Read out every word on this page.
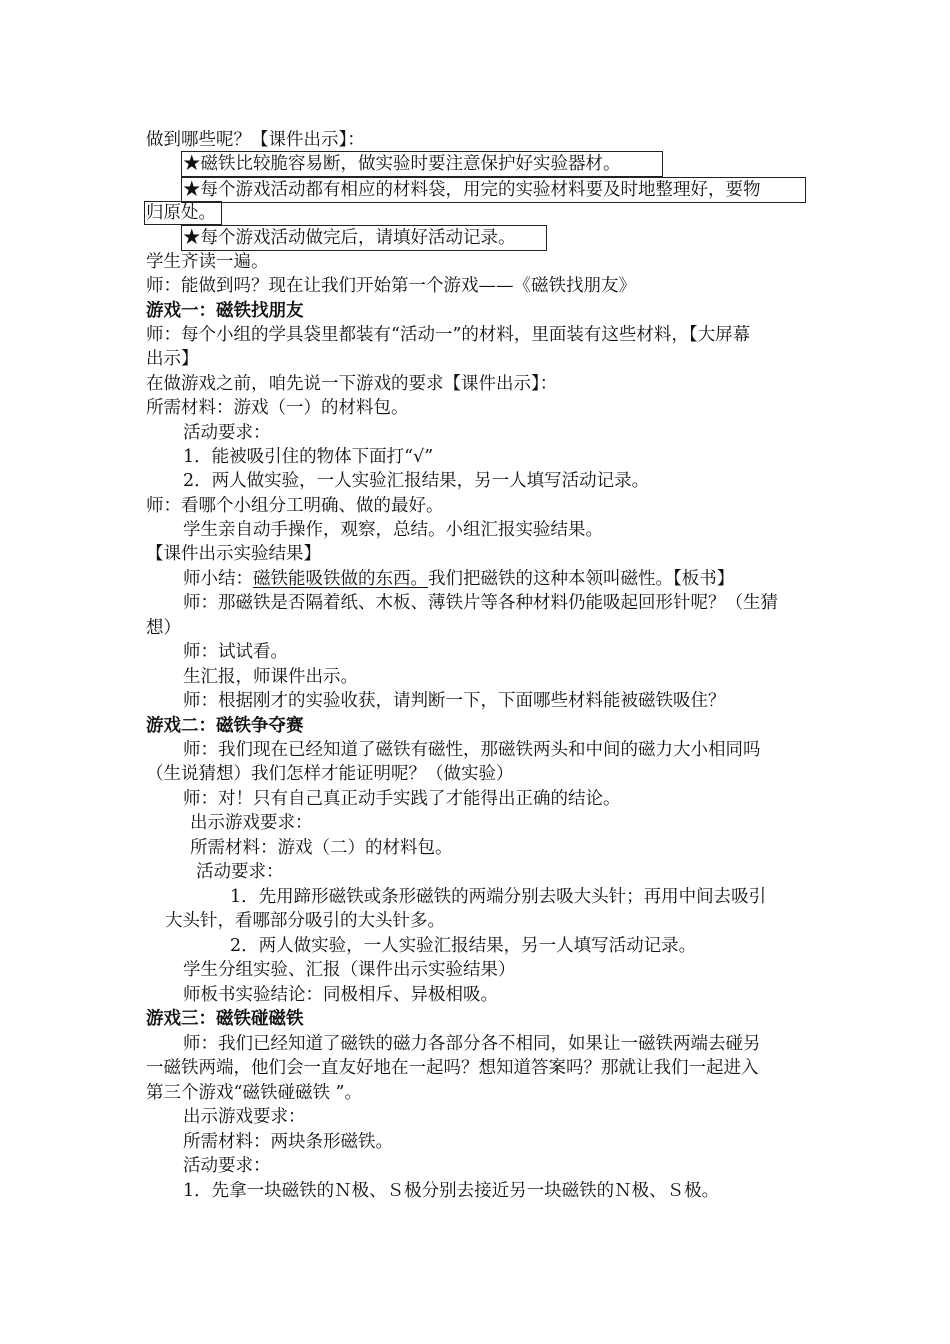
做到哪些呢？【课件出示】：
★磁铁比较脆容易断，做实验时要注意保护好实验器材。
★每个游戏活动都有相应的材料袋，用完的实验材料要及时地整理好，要物
归原处。
★每个游戏活动做完后，请填好活动记录。
学生齐读一遍。
师：能做到吗？现在让我们开始第一个游戏——《磁铁找朋友》
游戏一：磁铁找朋友
师：每个小组的学具袋里都装有“活动一”的材料，里面装有这些材料，【大屏幕
出示】
在做游戏之前，咱先说一下游戏的要求【课件出示】：
所需材料：游戏（一）的材料包。
活动要求：
1．能被吸引住的物体下面打“√”
2．两人做实验，一人实验汇报结果，另一人填写活动记录。
师：看哪个小组分工明确、做的最好。
学生亲自动手操作，观察，总结。小组汇报实验结果。
【课件出示实验结果】
师小结：磁铁能吸铁做的东西。我们把磁铁的这种本领叫磁性。【板书】
师：那磁铁是否隔着纸、木板、薄铁片等各种材料仍能吸起回形针呢？（生猜
想）
师：试试看。
生汇报，师课件出示。
师：根据刚才的实验收获，请判断一下，下面哪些材料能被磁铁吸住？
游戏二：磁铁争夺赛
师：我们现在已经知道了磁铁有磁性，那磁铁两头和中间的磁力大小相同吗
（生说猜想）我们怎样才能证明呢？（做实验）
师：对！只有自己真正动手实践了才能得出正确的结论。
出示游戏要求：
所需材料：游戏（二）的材料包。
活动要求：
1．先用蹄形磁铁或条形磁铁的两端分别去吸大头针；再用中间去吸引
大头针，看哪部分吸引的大头针多。
2．两人做实验，一人实验汇报结果，另一人填写活动记录。
学生分组实验、汇报（课件出示实验结果）
师板书实验结论：同极相斥、异极相吸。
游戏三：磁铁碰磁铁
师：我们已经知道了磁铁的磁力各部分各不相同，如果让一磁铁两端去碰另
一磁铁两端，他们会一直友好地在一起吗？想知道答案吗？那就让我们一起进入
第三个游戏“磁铁碰磁铁 ”。
出示游戏要求：
所需材料：两块条形磁铁。
活动要求：
1．先拿一块磁铁的Ｎ极、Ｓ极分别去接近另一块磁铁的Ｎ极、Ｓ极。
